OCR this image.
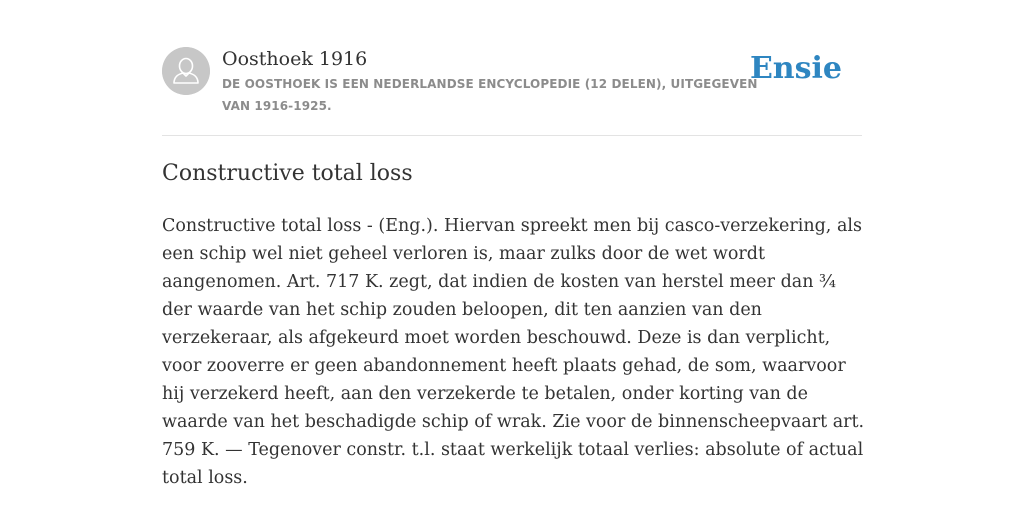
Oosthoek 1916
DE OOSTHOEK IS EEN NEDERLANDSE ENCYCLOPEDIE (12 DELEN), UITGEGEVEN VAN 1916-1925.
Ensie
Constructive total loss

Constructive total loss - (Eng.). Hiervan spreekt men bij casco-verzekering, als een schip wel niet geheel verloren is, maar zulks door de wet wordt aangenomen. Art. 717 K. zegt, dat indien de kosten van herstel meer dan ¾ der waarde van het schip zouden beloopen, dit ten aanzien van den verzekeraar, als afgekeurd moet worden beschouwd. Deze is dan verplicht, voor zooverre er geen abandonnement heeft plaats gehad, de som, waarvoor hij verzekerd heeft, aan den verzekerde te betalen, onder korting van de waarde van het beschadigde schip of wrak. Zie voor de binnenscheepvaart art. 759 K. — Tegenover constr. t.l. staat werkelijk totaal verlies: absolute of actual total loss.
